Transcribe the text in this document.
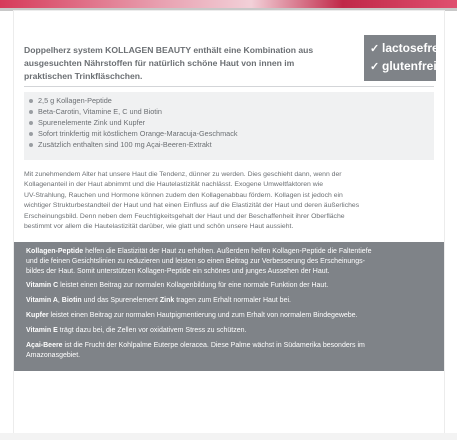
Doppelherz system KOLLAGEN BEAUTY enthält eine Kombination aus
ausgesuchten Nährstoffen für natürlich schöne Haut von innen im
praktischen Trinkfläschchen.

✓ lactosefrei
✓ glutenfrei
2,5 g Kollagen-Peptide
Beta-Carotin, Vitamine E, C und Biotin
Spurenelemente Zink und Kupfer
Sofort trinkfertig mit köstlichem Orange-Maracuja-Geschmack
Zusätzlich enthalten sind 100 mg Açai-Beeren-Extrakt

Mit zunehmendem Alter hat unsere Haut die Tendenz, dünner zu werden. Dies geschieht dann, wenn der
Kollagenanteil in der Haut abnimmt und die Hautelastizität nachlässt. Exogene Umweltfaktoren wie
UV-Strahlung, Rauchen und Hormone können zudem den Kollagenabbau fördern. Kollagen ist jedoch ein
wichtiger Strukturbestandteil der Haut und hat einen Einfluss auf die Elastizität der Haut und deren äußerliches
Erscheinungsbild. Denn neben dem Feuchtigkeitsgehalt der Haut und der Beschaffenheit ihrer Oberfläche
bestimmt vor allem die Hautelastizität darüber, wie glatt und schön unsere Haut aussieht.

Kollagen-Peptide helfen die Elastizität der Haut zu erhöhen. Außerdem helfen Kollagen-Peptide die Faltentiefe
und die feinen Gesichtslinien zu reduzieren und leisten so einen Beitrag zur Verbesserung des Erscheinungs-
bildes der Haut. Somit unterstützen Kollagen-Peptide ein schönes und junges Aussehen der Haut.
Vitamin C leistet einen Beitrag zur normalen Kollagenbildung für eine normale Funktion der Haut.
Vitamin A, Biotin und das Spurenelement Zink tragen zum Erhalt normaler Haut bei.
Kupfer leistet einen Beitrag zur normalen Hautpigmentierung und zum Erhalt von normalem Bindegewebe.
Vitamin E trägt dazu bei, die Zellen vor oxidativem Stress zu schützen.
Açai-Beere ist die Frucht der Kohlpalme Euterpe oleracea. Diese Palme wächst in Südamerika besonders im
Amazonasgebiet.
